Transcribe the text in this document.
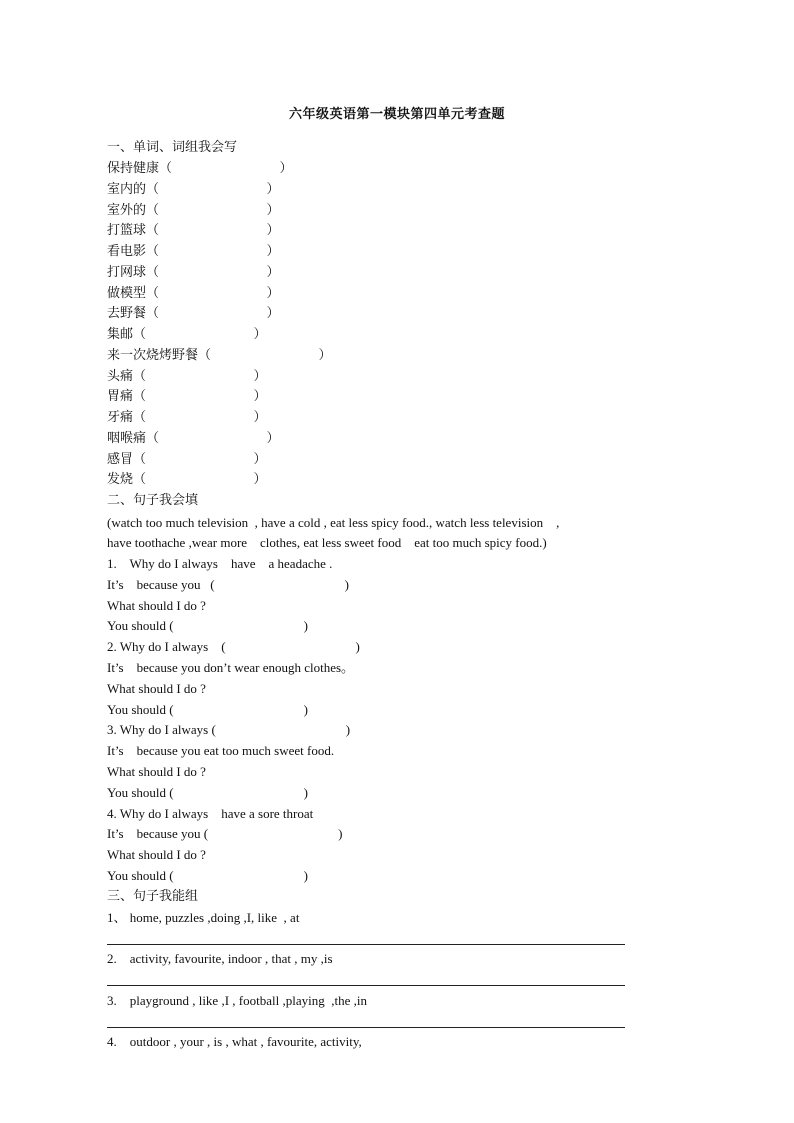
六年级英语第一模块第四单元考查题
一、单词、词组我会写
保持健康（                          ）
室内的（                          ）
室外的（                          ）
打篮球（                          ）
看电影（                          ）
打网球（                          ）
做模型（                          ）
去野餐（                          ）
集邮（                          ）
来一次烧烤野餐（                          ）
头痛（                          ）
胃痛（                          ）
牙痛（                          ）
咽喉痛（                          ）
感冒（                          ）
发烧（                          ）
二、句子我会填
(watch too much television  , have a cold , eat less spicy food., watch less television    ,
have toothache ,wear more    clothes, eat less sweet food    eat too much spicy food.)
1.    Why do I always    have    a headache .
It’s    because you   (                                        )
What should I do ?
You should (                                        )
2. Why do I always    (                                        )
It’s    because you don’t wear enough clothes。
What should I do ?
You should (                                        )
3. Why do I always (                                        )
It’s    because you eat too much sweet food.
What should I do ?
You should (                                        )
4. Why do I always    have a sore throat
It’s    because you (                                        )
What should I do ?
You should (                                        )
三、句子我能组
1、 home, puzzles ,doing ,I, like  , at
2.    activity, favourite, indoor , that , my ,is
3.    playground , like ,I , football ,playing  ,the ,in
4.    outdoor , your , is , what , favourite, activity,
